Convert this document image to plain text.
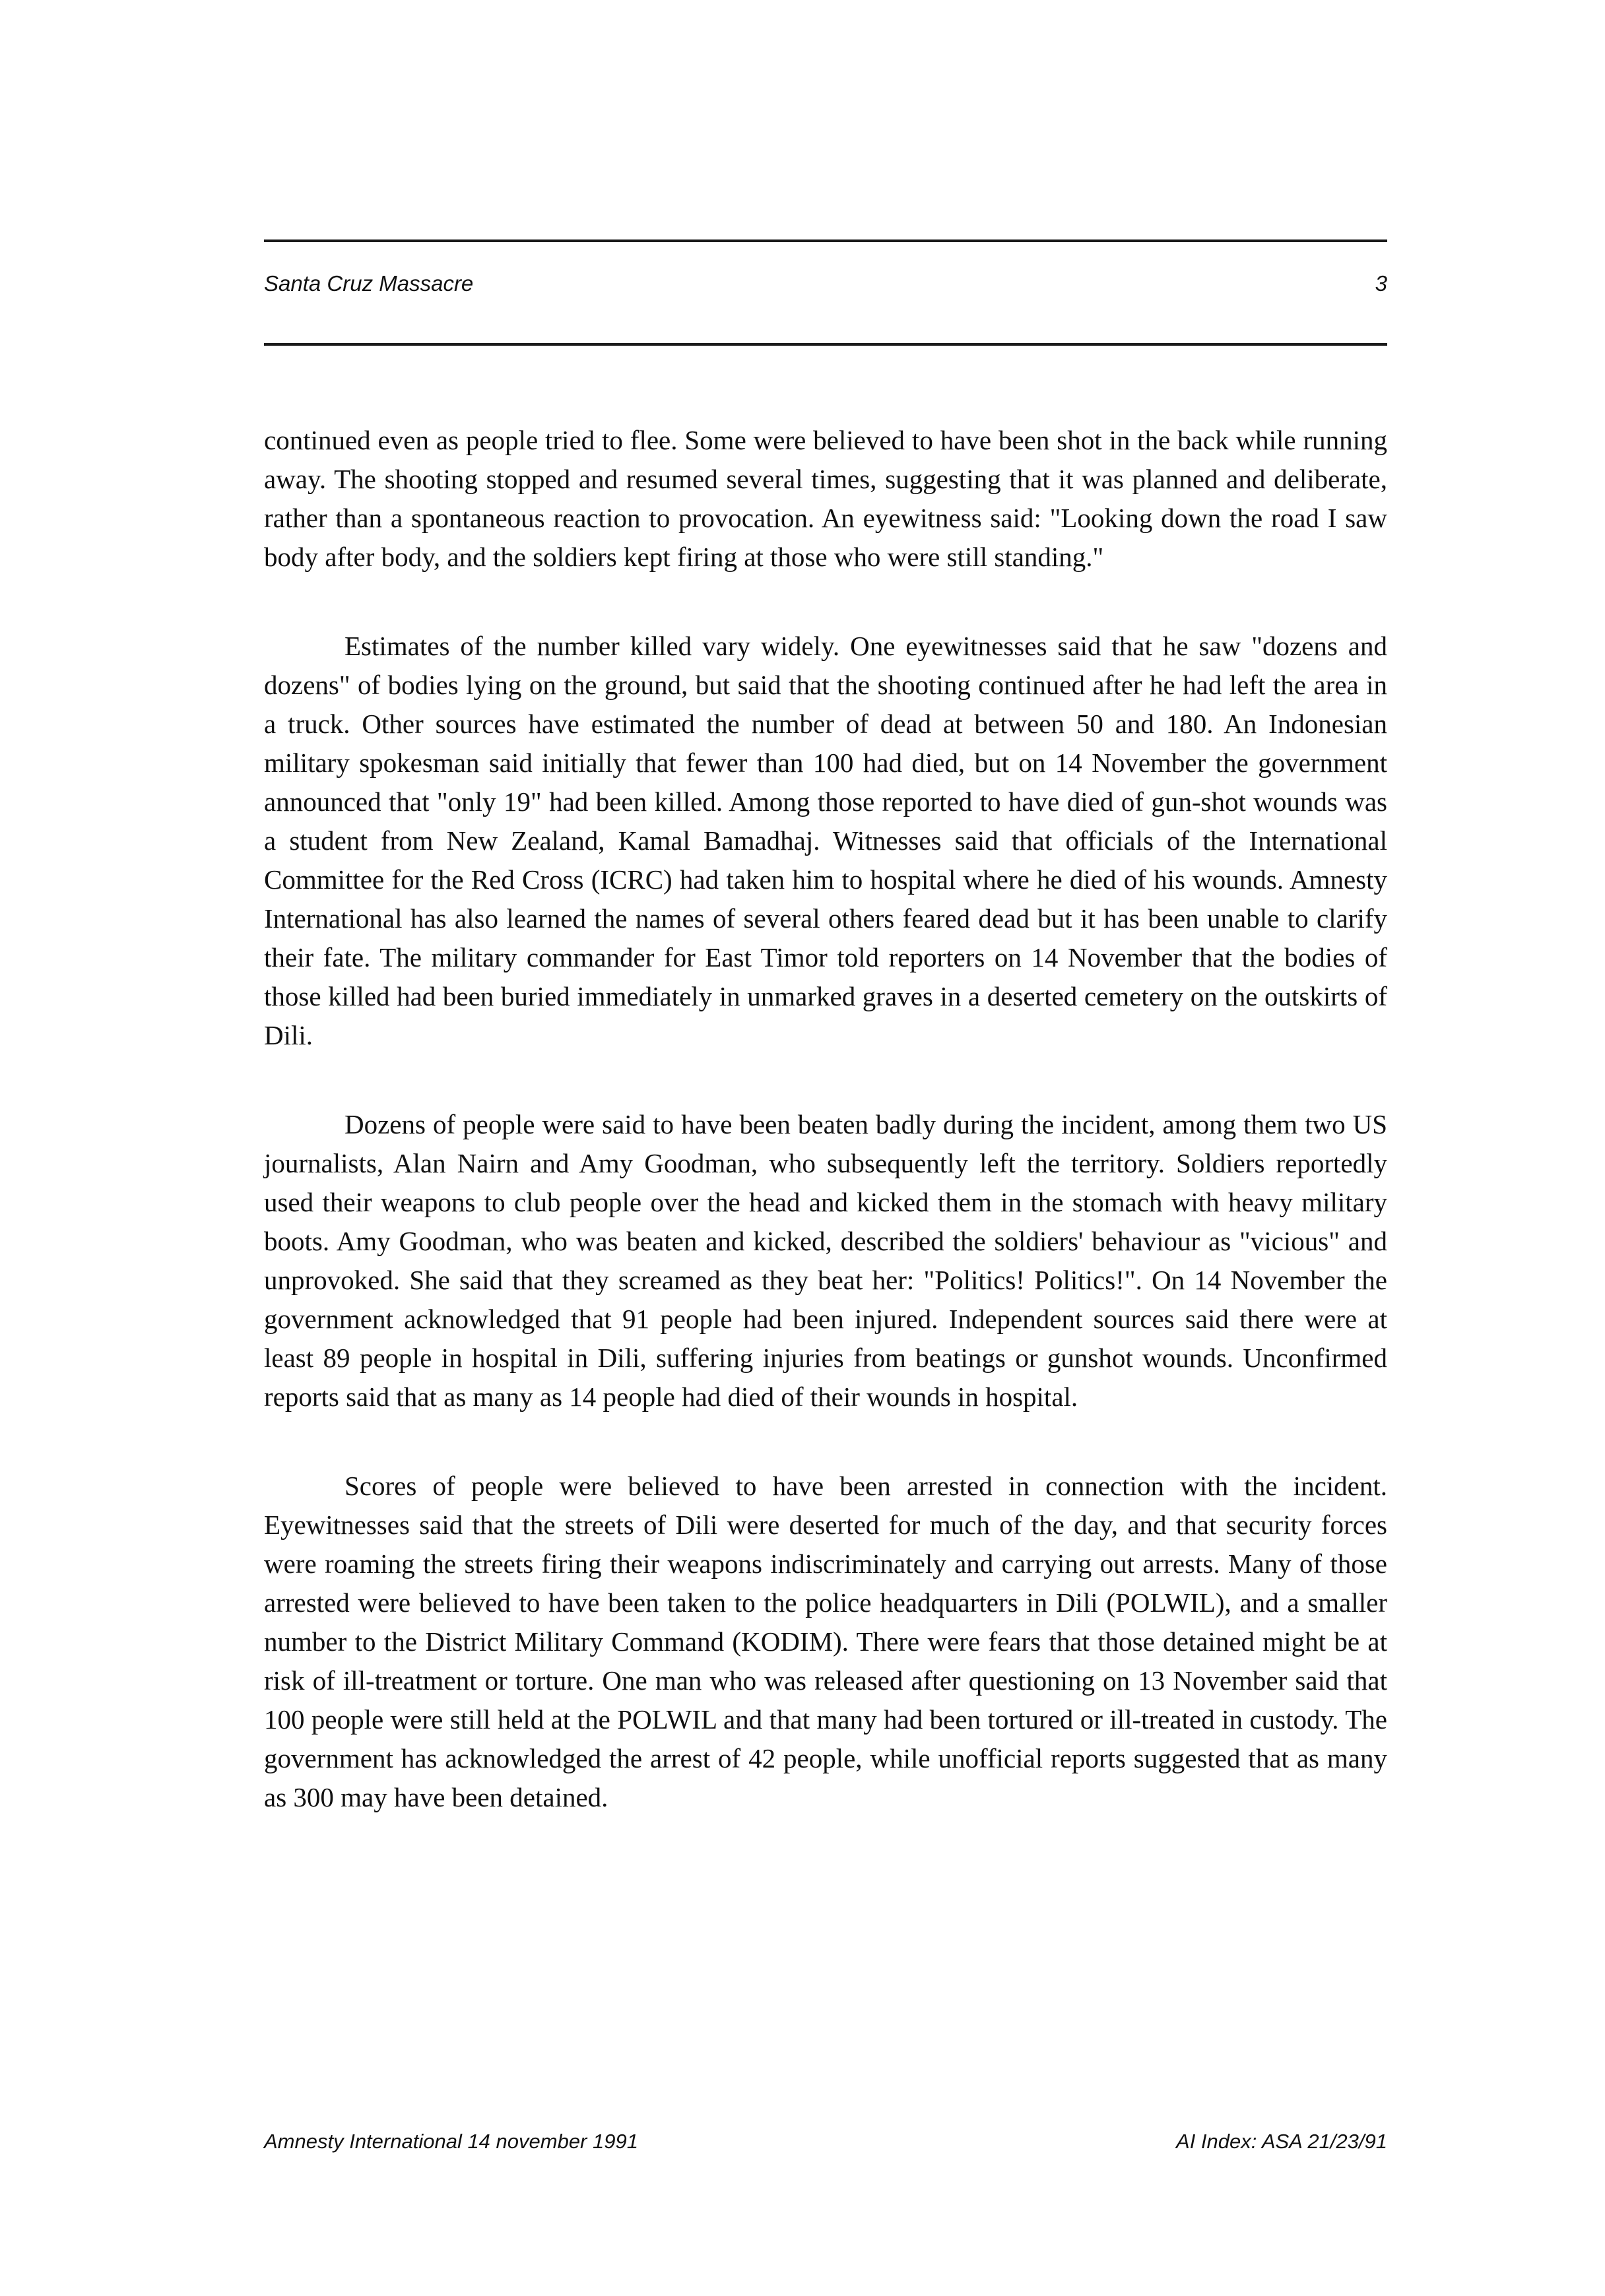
Santa Cruz Massacre	3

continued even as people tried to flee. Some were believed to have been shot in the back while running away. The shooting stopped and resumed several times, suggesting that it was planned and deliberate, rather than a spontaneous reaction to provocation. An eyewitness said: "Looking down the road I saw body after body, and the soldiers kept firing at those who were still standing."

Estimates of the number killed vary widely. One eyewitnesses said that he saw "dozens and dozens" of bodies lying on the ground, but said that the shooting continued after he had left the area in a truck. Other sources have estimated the number of dead at between 50 and 180. An Indonesian military spokesman said initially that fewer than 100 had died, but on 14 November the government announced that "only 19" had been killed. Among those reported to have died of gun-shot wounds was a student from New Zealand, Kamal Bamadhaj. Witnesses said that officials of the International Committee for the Red Cross (ICRC) had taken him to hospital where he died of his wounds. Amnesty International has also learned the names of several others feared dead but it has been unable to clarify their fate. The military commander for East Timor told reporters on 14 November that the bodies of those killed had been buried immediately in unmarked graves in a deserted cemetery on the outskirts of Dili.

Dozens of people were said to have been beaten badly during the incident, among them two US journalists, Alan Nairn and Amy Goodman, who subsequently left the territory. Soldiers reportedly used their weapons to club people over the head and kicked them in the stomach with heavy military boots. Amy Goodman, who was beaten and kicked, described the soldiers' behaviour as "vicious" and unprovoked. She said that they screamed as they beat her: "Politics! Politics!". On 14 November the government acknowledged that 91 people had been injured. Independent sources said there were at least 89 people in hospital in Dili, suffering injuries from beatings or gunshot wounds. Unconfirmed reports said that as many as 14 people had died of their wounds in hospital.

Scores of people were believed to have been arrested in connection with the incident. Eyewitnesses said that the streets of Dili were deserted for much of the day, and that security forces were roaming the streets firing their weapons indiscriminately and carrying out arrests. Many of those arrested were believed to have been taken to the police headquarters in Dili (POLWIL), and a smaller number to the District Military Command (KODIM). There were fears that those detained might be at risk of ill-treatment or torture. One man who was released after questioning on 13 November said that 100 people were still held at the POLWIL and that many had been tortured or ill-treated in custody. The government has acknowledged the arrest of 42 people, while unofficial reports suggested that as many as 300 may have been detained.

Amnesty International 14 november 1991	AI Index: ASA 21/23/91
